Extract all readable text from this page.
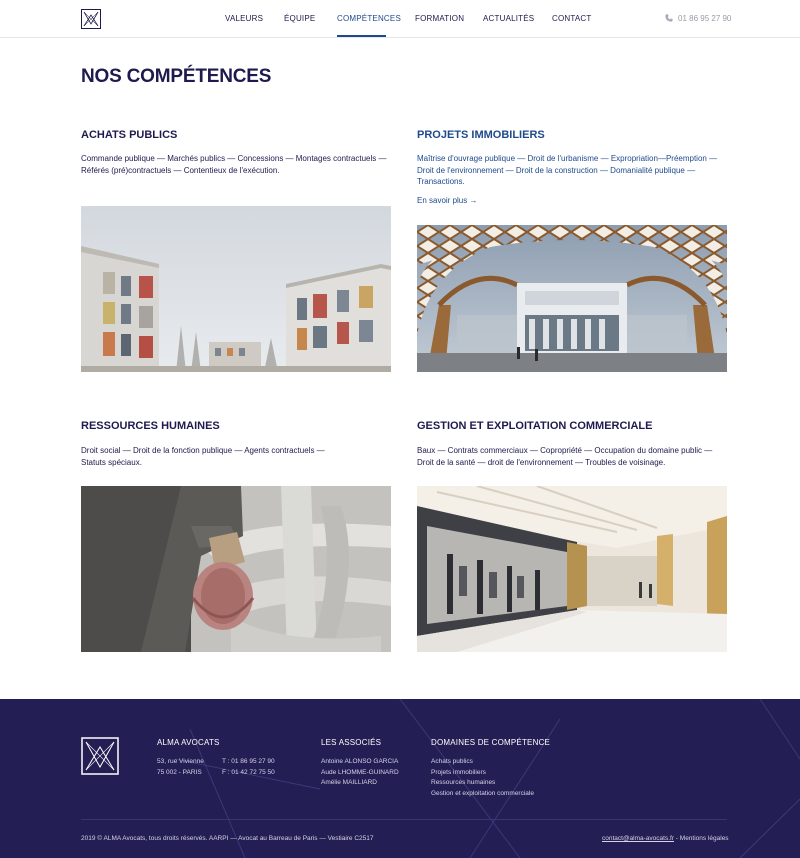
VALEURS	ÉQUIPE	COMPÉTENCES FORMATION ACTUALITÉS CONTACT	01 86 95 27 90
NOS COMPÉTENCES
ACHATS PUBLICS
Commande publique — Marchés publics — Concessions — Montages contractuels —
Référés (pré)contractuels — Contentieux de l'exécution.
PROJETS IMMOBILIERS
Maîtrise d'ouvrage publique — Droit de l'urbanisme — Expropriation—Préemption —
Droit de l'environnement — Droit de la construction — Domanialité publique —
Transactions.
En savoir plus →
RESSOURCES HUMAINES
Droit social — Droit de la fonction publique — Agents contractuels —
Statuts spéciaux.
GESTION ET EXPLOITATION COMMERCIALE
Baux — Contrats commerciaux — Copropriété — Occupation du domaine public —
Droit de la santé — droit de l'environnement — Troubles de voisinage.
ALMA AVOCATS
53, rue Vivienne
75 002 - PARIS
T : 01 86 95 27 90
F : 01 42 72 75 50
LES ASSOCIÉS
Antoine ALONSO GARCIA
Aude LHOMME-GUINARD
Amélie MAILLIARD
DOMAINES DE COMPÉTENCE
Achats publics
Projets immobiliers
Ressources humaines
Gestion et exploitation commerciale
2019 © ALMA Avocats, tous droits réservés. AARPI — Avocat au Barreau de Paris — Vestiaire C2517	contact@alma-avocats.fr - Mentions légales
